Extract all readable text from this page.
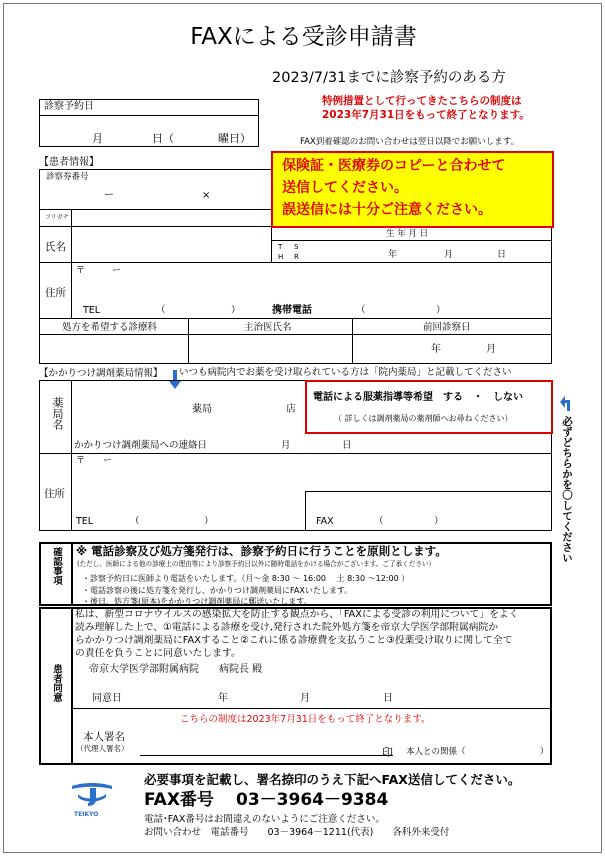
FAXによる受診申請書
2023/7/31までに診察予約のある方
特例措置として行ってきたこちらの制度は
2023年7月31日をもって終了となります。
FAX到着確認のお問い合わせは翌日以降でお願いします。
診察予約日
月	日（	曜日）
【患者情報】
診察券番号
ー	×
フリガナ
氏名
生 年 月 日
T S
H R	年	月	日
〒　　　ー
住所
TEL	（	）	携帯電話	（	）
処方を希望する診療科	主治医氏名	前回診察日
年	月
保険証・医療券のコピーと合わせて
送信してください。
誤送信には十分ご注意ください。
【かかりつけ調剤薬局情報】 いつも病院内でお薬を受け取られている方は「院内薬局」と記載してください
薬局名	薬局	店
かかりつけ調剤薬局への連絡日	月	日
電話による服薬指導等希望　する　・　しない
（ 詳しくは調剤薬局の薬剤師へお尋ねください）	必ずどちらかを〇してください
〒　　ー
住所
TEL	（	）	FAX	（	）
確認事項 ※ 電話診察及び処方箋発行は、診察予約日に行うことを原則とします。
(ただし、医師による他の診療上の理由等により診察予約日以外に随時電話をかける場合がございます。ご了承ください）
・診察予約日に医師より電話をいたします。（月～金 8:30 ～ 16:00　 土 8:30 ～12:00 ）
・電話診察の後に処方箋を発行し、かかりつけ調剤薬局にFAXいたします。
・後日、処方箋(原本)をかかりつけ調剤薬局に郵送いたします。
患者同意
私は、新型コロナウイルスの感染拡大を防止する観点から、「FAXによる受診の利用について」をよく
読み理解した上で、①電話による診療を受け,発行された院外処方箋を帝京大学医学部附属病院か
らかかりつけ調剤薬局にFAXすること②これに係る診療費を支払うこと③投薬受け取りに関して全て
の責任を負うことに同意いたします。
帝京大学医学部附属病院　　病院長 殿
同意日	年	月	日
こちらの制度は2023年7月31日をもって終了となります。
本人署名
（代理人署名）	印 本人との関係（	）
TEIKYO
必要事項を記載し、署名捺印のうえ下記へFAX送信してください。
FAX番号 03－3964－9384
電話･FAX番号はお間違えのないようにご注意ください。
お問い合わせ　電話番号　　03－3964－1211(代表)　　各科外来受付
